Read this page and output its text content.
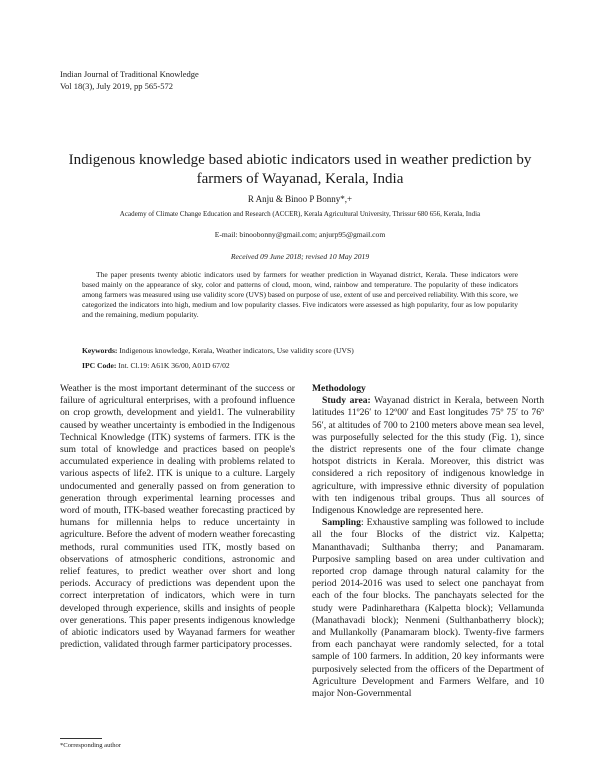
Indian Journal of Traditional Knowledge
Vol 18(3), July 2019, pp 565-572
Indigenous knowledge based abiotic indicators used in weather prediction by farmers of Wayanad, Kerala, India
R Anju & Binoo P Bonny*,+
Academy of Climate Change Education and Research (ACCER), Kerala Agricultural University, Thrissur 680 656, Kerala, India
E-mail: binoobonny@gmail.com; anjurp95@gmail.com
Received 09 June 2018; revised 10 May 2019
The paper presents twenty abiotic indicators used by farmers for weather prediction in Wayanad district, Kerala. These indicators were based mainly on the appearance of sky, color and patterns of cloud, moon, wind, rainbow and temperature. The popularity of these indicators among farmers was measured using use validity score (UVS) based on purpose of use, extent of use and perceived reliability. With this score, we categorized the indicators into high, medium and low popularity classes. Five indicators were assessed as high popularity, four as low popularity and the remaining, medium popularity.
Keywords: Indigenous knowledge, Kerala, Weather indicators, Use validity score (UVS)
IPC Code: Int. Cl.19: A61K 36/00, A01D 67/02

Weather is the most important determinant of the success or failure of agricultural enterprises, with a profound influence on crop growth, development and yield1. The vulnerability caused by weather uncertainty is embodied in the Indigenous Technical Knowledge (ITK) systems of farmers. ITK is the sum total of knowledge and practices based on people's accumulated experience in dealing with problems related to various aspects of life2. ITK is unique to a culture. Largely undocumented and generally passed on from generation to generation through experimental learning processes and word of mouth, ITK-based weather forecasting practiced by humans for millennia helps to reduce uncertainty in agriculture. Before the advent of modern weather forecasting methods, rural communities used ITK, mostly based on observations of atmospheric conditions, astronomic and relief features, to predict weather over short and long periods. Accuracy of predictions was dependent upon the correct interpretation of indicators, which were in turn developed through experience, skills and insights of people over generations. This paper presents indigenous knowledge of abiotic indicators used by Wayanad farmers for weather prediction, validated through farmer participatory processes.

Methodology

Study area: Wayanad district in Kerala, between North latitudes 11º26′ to 12º00′ and East longitudes 75º 75′ to 76º 56′, at altitudes of 700 to 2100 meters above mean sea level, was purposefully selected for the this study (Fig. 1), since the district represents one of the four climate change hotspot districts in Kerala. Moreover, this district was considered a rich repository of indigenous knowledge in agriculture, with impressive ethnic diversity of population with ten indigenous tribal groups. Thus all sources of Indigenous Knowledge are represented here.

Sampling: Exhaustive sampling was followed to include all the four Blocks of the district viz. Kalpetta; Mananthavadi; Sulthanba therry; and Panamaram. Purposive sampling based on area under cultivation and reported crop damage through natural calamity for the period 2014-2016 was used to select one panchayat from each of the four blocks. The panchayats selected for the study were Padinharethara (Kalpetta block); Vellamunda (Manathavadi block); Nenmeni (Sulthanbatherry block); and Mullankolly (Panamaram block). Twenty-five farmers from each panchayat were randomly selected, for a total sample of 100 farmers. In addition, 20 key informants were purposively selected from the officers of the Department of Agriculture Development and Farmers Welfare, and 10 major Non-Governmental

*Corresponding author
